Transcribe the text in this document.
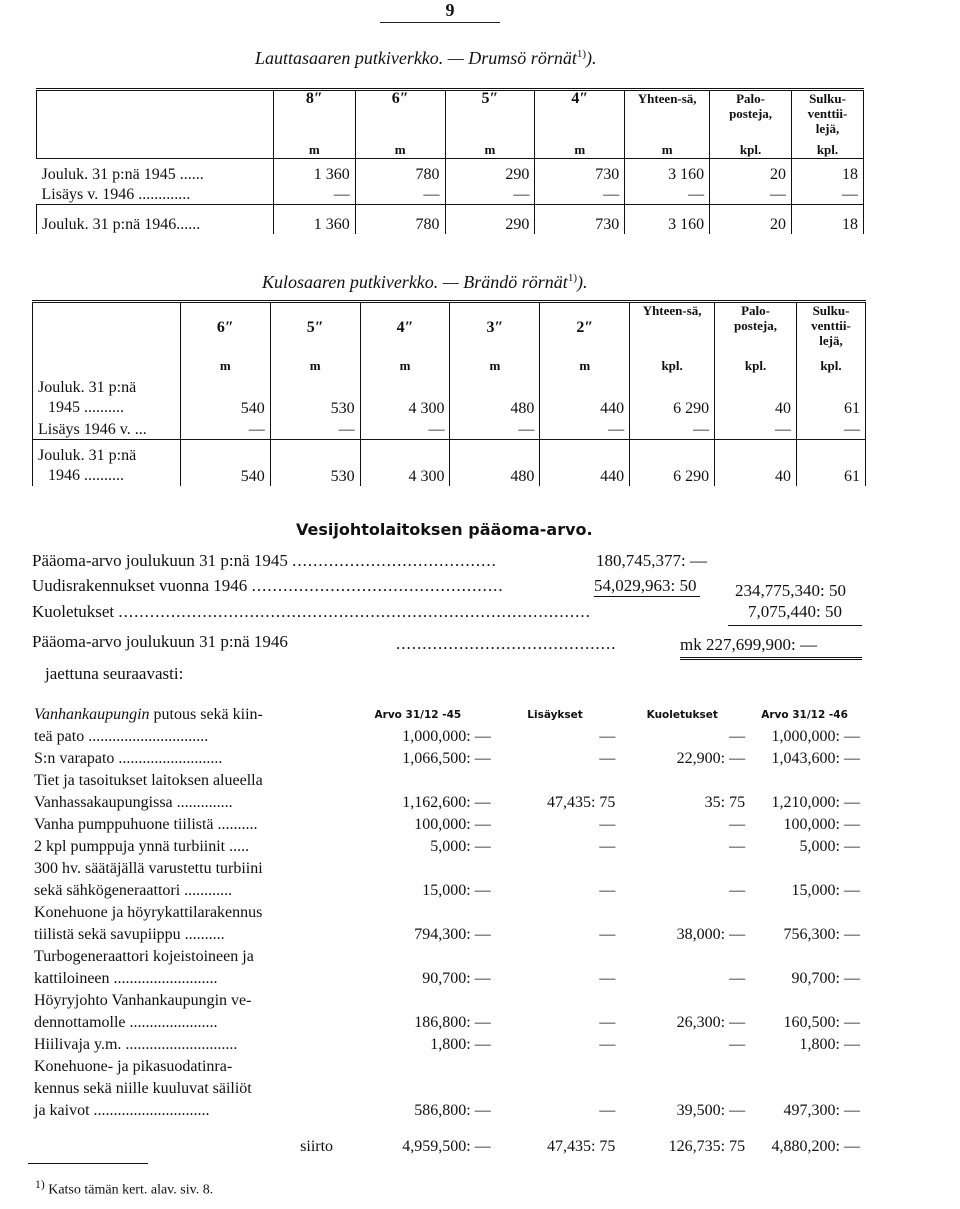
9
Lauttasaaren putkiverkko. — Drumsö rörnät$^{1)}$).
	8″	6″	5″	4″	Yhteen-sä,	Palo-posteja,	Sulku-venttii-lejä,
	m	m	m	m	m	kpl.	kpl.
Jouluk. 31 p:nä 1945 ......	1 360	780	290	730	3 160	20	18
Lisäys v. 1946 .............	—	—	—	—	—	—	—
Jouluk. 31 p:nä 1946......	1 360	780	290	730	3 160	20	18
Kulosaaren putkiverkko. — Brändö rörnät$^{1)}$).
	6″	5″	4″	3″	2″	Yhteen-sä,	Palo-posteja,	Sulku-venttii-lejä,
	m	m	m	m	m	kpl.	kpl.	kpl.

Jouluk. 31 p:nä
1945 ..........	540	530	4 300	480	440	6 290	40	61
Lisäys 1946 v. ...	—	—	—	—	—	—	—	—

Jouluk. 31 p:nä
1946 ..........	540	530	4 300	480	440	6 290	40	61
Vesijohtolaitoksen pääoma-arvo.
Pääoma-arvo joulukuun 31 p:nä 1945 .......................................	180,745,377: —
Uudisrakennukset vuonna 1946 ................................................	54,029,963: 50 234,775,340: 50
Kuoletukset ..........................................................................................	7,075,440: 50
Pääoma-arvo joulukuun 31 p:nä 1946	..........................................	mk 227,699,900: —
jaettuna seuraavasti:
Vanhankaupungin putous sekä kiin-	Arvo 31/12 -45	Lisäykset	Kuoletukset	Arvo 31/12 -46
teä pato ..............................	1,000,000: —	—	—	1,000,000: —
S:n varapato ..........................	1,066,500: —	—	22,900: —	1,043,600: —
Tiet ja tasoitukset laitoksen alueella				
Vanhassakaupungissa ..............	1,162,600: —	47,435: 75	35: 75	1,210,000: —
Vanha pumppuhuone tiilistä ..........	100,000: —	—	—	100,000: —
2 kpl pumppuja ynnä turbiinit .....	5,000: —	—	—	5,000: —
300 hv. säätäjällä varustettu turbiini				
sekä sähkögeneraattori ............	15,000: —	—	—	15,000: —
Konehuone ja höyrykattilarakennus				
tiilistä sekä savupiippu ..........	794,300: —	—	38,000: —	756,300: —
Turbogeneraattori kojeistoineen ja				
kattiloineen ..........................	90,700: —	—	—	90,700: —
Höyryjohto Vanhankaupungin ve-				
dennottamolle ......................	186,800: —	—	26,300: —	160,500: —
Hiilivaja y.m. ............................	1,800: —	—	—	1,800: —
Konehuone- ja pikasuodatinra-				
kennus sekä niille kuuluvat säiliöt				
ja kaivot .............................	586,800: —	—	39,500: —	497,300: —
siirto	4,959,500: —	47,435: 75	126,735: 75	4,880,200: —
$^{1)}$ Katso tämän kert. alav. siv. 8.
